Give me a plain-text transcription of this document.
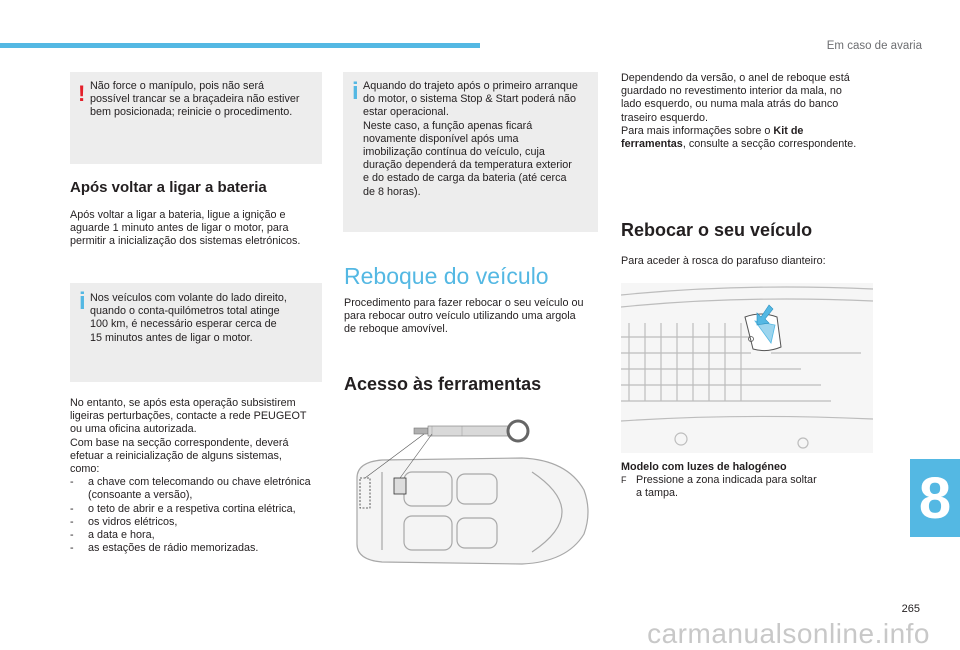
Em caso de avaria
! Não force o manípulo, pois não será

possível trancar se a braçadeira não estiver

bem posicionada; reinicie o procedimento.

Após voltar a ligar a bateria

Após voltar a ligar a bateria, ligue a ignição e

aguarde 1 minuto antes de ligar o motor, para

permitir a inicialização dos sistemas eletrónicos.

i Nos veículos com volante do lado direito,

quando o conta-quilómetros total atinge

100 km, é necessário esperar cerca de

15 minutos antes de ligar o motor.

No entanto, se após esta operação subsistirem

ligeiras perturbações, contacte a rede PEUGEOT

ou uma oficina autorizada.

Com base na secção correspondente, deverá

efetuar a reinicialização de alguns sistemas,

como:

- a chave com telecomando ou chave eletrónica
(consoante a versão),
- o teto de abrir e a respetiva cortina elétrica,
- os vidros elétricos,
- a data e hora,
- as estações de rádio memorizadas.
i Aquando do trajeto após o primeiro arranque

do motor, o sistema Stop & Start poderá não

estar operacional.

Neste caso, a função apenas ficará

novamente disponível após uma

imobilização contínua do veículo, cuja

duração dependerá da temperatura exterior

e do estado de carga da bateria (até cerca

de 8 horas).

Reboque do veículo

Procedimento para fazer rebocar o seu veículo ou

para rebocar outro veículo utilizando uma argola

de reboque amovível.

Acesso às ferramentas

Dependendo da versão, o anel de reboque está

guardado no revestimento interior da mala, no

lado esquerdo, ou numa mala atrás do banco

traseiro esquerdo.

Para mais informações sobre o Kit de

ferramentas, consulte a secção correspondente.

Rebocar o seu veículo

Para aceder à rosca do parafuso dianteiro:

Modelo com luzes de halogéneo

F Pressione a zona indicada para soltar

a tampa.	8
265
carmanualsonline.info
